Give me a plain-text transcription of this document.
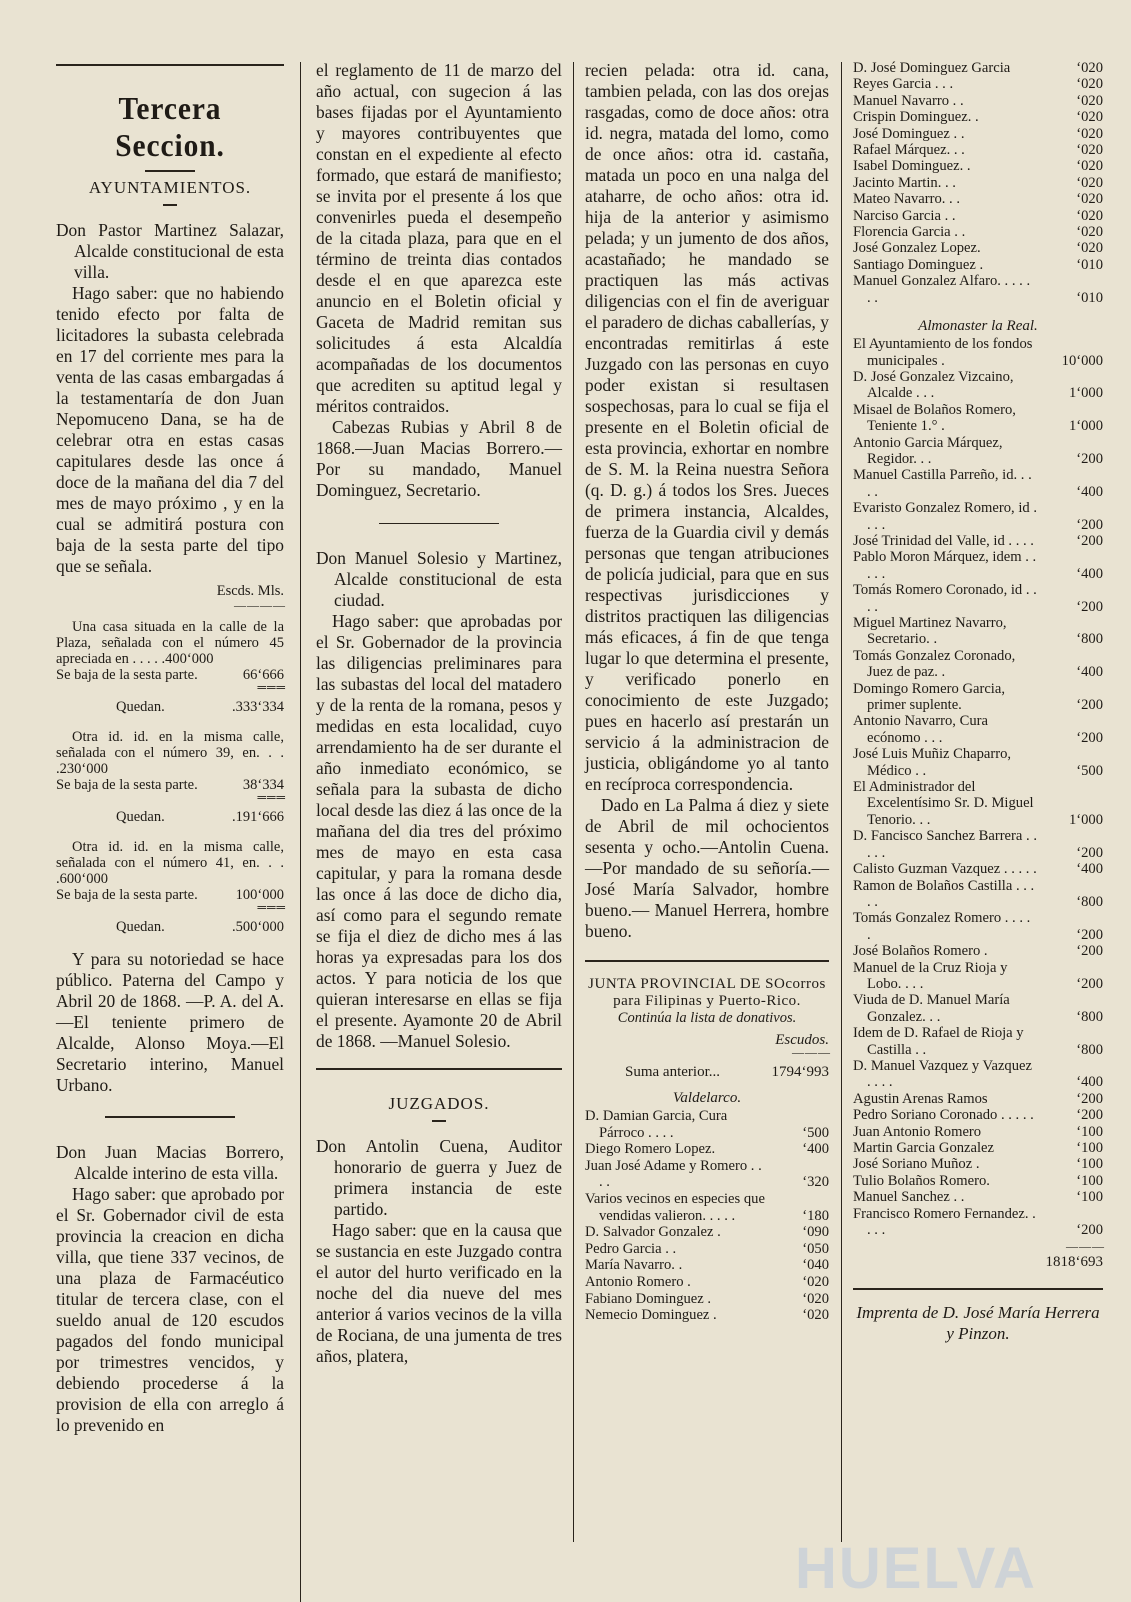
Tercera Seccion.
AYUNTAMIENTOS.

Don Pastor Martinez Salazar, Alcalde constitucional de esta villa.

Hago saber: que no habiendo tenido efecto por falta de licitadores la subasta celebrada en 17 del corriente mes para la venta de las casas embargadas á la testamentaría de don Juan Nepomuceno Dana, se ha de celebrar otra en estas casas capitulares desde las once á doce de la mañana del dia 7 del mes de mayo próximo , y en la cual se admitirá postura con baja de la sesta parte del tipo que se señala.

Escds. Mls.
— — — —
Una casa situada en la calle de la Plaza, señalada con el número 45 apreciada en . . . . .400‘000
Se baja de la sesta parte.	66‘666
═ ═ ═
Quedan.	.333‘334
Otra id. id. en la misma calle, señalada con el número 39, en. . . .230‘000
Se baja de la sesta parte.	38‘334
═ ═ ═
Quedan.	.191‘666
Otra id. id. en la misma calle, señalada con el número 41, en. . . .600‘000
Se baja de la sesta parte.	100‘000
═ ═ ═
Quedan.	.500‘000

Y para su notoriedad se hace público. Paterna del Campo y Abril 20 de 1868. —P. A. del A.—El teniente primero de Alcalde, Alonso Moya.—El Secretario interino, Manuel Urbano.

Don Juan Macias Borrero, Alcalde interino de esta villa.

Hago saber: que aprobado por el Sr. Gobernador civil de esta provincia la creacion en dicha villa, que tiene 337 vecinos, de una plaza de Farmacéutico titular de tercera clase, con el sueldo anual de 120 escudos pagados del fondo municipal por trimestres vencidos, y debiendo procederse á la provision de ella con arreglo á lo prevenido en

el reglamento de 11 de marzo del año actual, con sugecion á las bases fijadas por el Ayuntamiento y mayores contribuyentes que constan en el expediente al efecto formado, que estará de manifiesto; se invita por el presente á los que convenirles pueda el desempeño de la citada plaza, para que en el término de treinta dias contados desde el en que aparezca este anuncio en el Boletin oficial y Gaceta de Madrid remitan sus solicitudes á esta Alcaldía acompañadas de los documentos que acrediten su aptitud legal y méritos contraidos.

Cabezas Rubias y Abril 8 de 1868.—Juan Macias Borrero.—Por su mandado, Manuel Dominguez, Secretario.

Don Manuel Solesio y Martinez, Alcalde constitucional de esta ciudad.

Hago saber: que aprobadas por el Sr. Gobernador de la provincia las diligencias preliminares para las subastas del local del matadero y de la renta de la romana, pesos y medidas en esta localidad, cuyo arrendamiento ha de ser durante el año inmediato económico, se señala para la subasta de dicho local desde las diez á las once de la mañana del dia tres del próximo mes de mayo en esta casa capitular, y para la romana desde las once á las doce de dicho dia, así como para el segundo remate se fija el diez de dicho mes á las horas ya expresadas para los dos actos. Y para noticia de los que quieran interesarse en ellas se fija el presente. Ayamonte 20 de Abril de 1868. —Manuel Solesio.

JUZGADOS.

Don Antolin Cuena, Auditor honorario de guerra y Juez de primera instancia de este partido.

Hago saber: que en la causa que se sustancia en este Juzgado contra el autor del hurto verificado en la noche del dia nueve del mes anterior á varios vecinos de la villa de Rociana, de una jumenta de tres años, platera,

recien pelada: otra id. cana, tambien pelada, con las dos orejas rasgadas, como de doce años: otra id. negra, matada del lomo, como de once años: otra id. castaña, matada un poco en una nalga del ataharre, de ocho años: otra id. hija de la anterior y asimismo pelada; y un jumento de dos años, acastañado; he mandado se practiquen las más activas diligencias con el fin de averiguar el paradero de dichas caballerías, y encontradas remitirlas á este Juzgado con las personas en cuyo poder existan si resultasen sospechosas, para lo cual se fija el presente en el Boletin oficial de esta provincia, exhortar en nombre de S. M. la Reina nuestra Señora (q. D. g.) á todos los Sres. Jueces de primera instancia, Alcaldes, fuerza de la Guardia civil y demás personas que tengan atribuciones de policía judicial, para que en sus respectivas jurisdicciones y distritos practiquen las diligencias más eficaces, á fin de que tenga lugar lo que determina el presente, y verificado ponerlo en conocimiento de este Juzgado; pues en hacerlo así prestarán un servicio á la administracion de justicia, obligándome yo al tanto en recíproca correspondencia.

Dado en La Palma á diez y siete de Abril de mil ochocientos sesenta y ocho.—Antolin Cuena.—Por mandado de su señoría.—José María Salvador, hombre bueno.— Manuel Herrera, hombre bueno.

JUNTA PROVINCIAL DE SOcorros para Filipinas y Puerto-Rico.
Continúa la lista de donativos.
Escudos.
— — —
Suma anterior...	1794‘993
Valdelarco.
D. Damian Garcia, Cura Párroco . . . .	‘500
Diego Romero Lopez.	‘400
Juan José Adame y Romero . . . .	‘320
Varios vecinos en especies que vendidas valieron. . . . .	‘180
D. Salvador Gonzalez .	‘090
Pedro Garcia . .	‘050
María Navarro. .	‘040
Antonio Romero .	‘020
Fabiano Dominguez .	‘020
Nemecio Dominguez .	‘020
D. José Dominguez Garcia	‘020
Reyes Garcia . . .	‘020
Manuel Navarro . .	‘020
Crispin Dominguez. .	‘020
José Dominguez . .	‘020
Rafael Márquez. . .	‘020
Isabel Dominguez. .	‘020
Jacinto Martin. . .	‘020
Mateo Navarro. . .	‘020
Narciso Garcia . .	‘020
Florencia Garcia . .	‘020
José Gonzalez Lopez.	‘020
Santiago Dominguez .	‘010
Manuel Gonzalez Alfaro. . . . . . .	‘010
Almonaster la Real.
El Ayuntamiento de los fondos municipales .	10‘000
D. José Gonzalez Vizcaino, Alcalde . . .	1‘000
Misael de Bolaños Romero, Teniente 1.° .	1‘000
Antonio Garcia Márquez, Regidor. . .	‘200
Manuel Castilla Parreño, id. . . . .	‘400
Evaristo Gonzalez Romero, id . . . .	‘200
José Trinidad del Valle, id . . . .	‘200
Pablo Moron Márquez, idem . . . . .	‘400
Tomás Romero Coronado, id . . . .	‘200
Miguel Martinez Navarro, Secretario. .	‘800
Tomás Gonzalez Coronado, Juez de paz. .	‘400
Domingo Romero Garcia, primer suplente.	‘200
Antonio Navarro, Cura ecónomo . . .	‘200
José Luis Muñiz Chaparro, Médico . .	‘500
El Administrador del Excelentísimo Sr. D. Miguel Tenorio. . .	1‘000
D. Fancisco Sanchez Barrera . . . . .	‘200
Calisto Guzman Vazquez . . . . .	‘400
Ramon de Bolaños Castilla . . . . .	‘800
Tomás Gonzalez Romero . . . . .	‘200
José Bolaños Romero .	‘200
Manuel de la Cruz Rioja y Lobo. . . .	‘200
Viuda de D. Manuel María Gonzalez. . .	‘800
Idem de D. Rafael de Rioja y Castilla . .	‘800
D. Manuel Vazquez y Vazquez . . . .	‘400
Agustin Arenas Ramos	‘200
Pedro Soriano Coronado . . . . .	‘200
Juan Antonio Romero	‘100
Martin Garcia Gonzalez	‘100
José Soriano Muñoz .	‘100
Tulio Bolaños Romero.	‘100
Manuel Sanchez . .	‘100
Francisco Romero Fernandez. . . . .	‘200
— — —
1818‘693
Imprenta de D. José María Herrera y Pinzon.
HUELVA
